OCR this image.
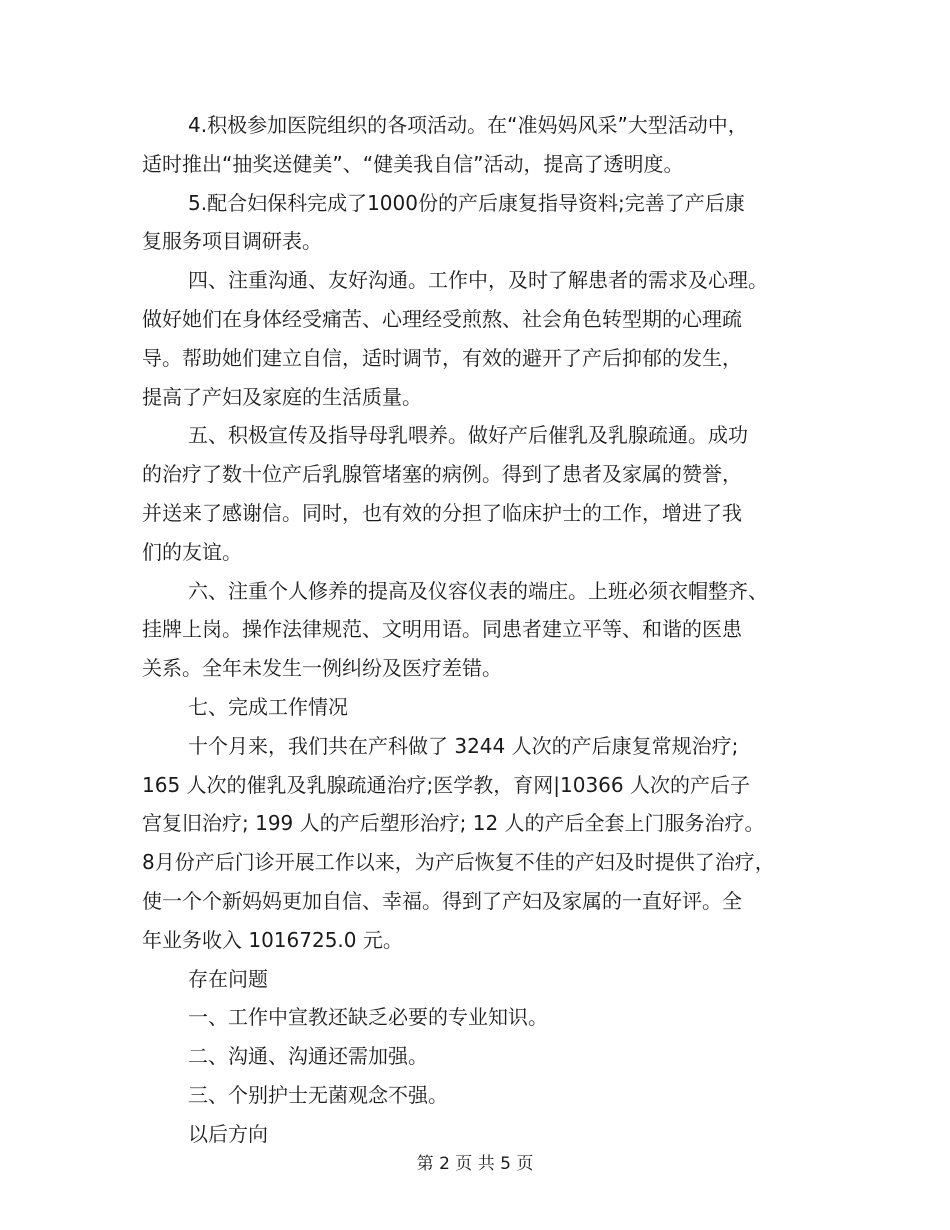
4.积极参加医院组织的各项活动。在“准妈妈风采”大型活动中，
适时推出“抽奖送健美”、“健美我自信”活动，提高了透明度。
5.配合妇保科完成了1000份的产后康复指导资料;完善了产后康
复服务项目调研表。
四、注重沟通、友好沟通。工作中，及时了解患者的需求及心理。
做好她们在身体经受痛苦、心理经受煎熬、社会角色转型期的心理疏
导。帮助她们建立自信，适时调节，有效的避开了产后抑郁的发生，
提高了产妇及家庭的生活质量。
五、积极宣传及指导母乳喂养。做好产后催乳及乳腺疏通。成功
的治疗了数十位产后乳腺管堵塞的病例。得到了患者及家属的赞誉，
并送来了感谢信。同时，也有效的分担了临床护士的工作，增进了我
们的友谊。
六、注重个人修养的提高及仪容仪表的端庄。上班必须衣帽整齐、
挂牌上岗。操作法律规范、文明用语。同患者建立平等、和谐的医患
关系。全年未发生一例纠纷及医疗差错。
七、完成工作情况
十个月来，我们共在产科做了 3244 人次的产后康复常规治疗;
165 人次的催乳及乳腺疏通治疗;医学教，育网|10366 人次的产后子
宫复旧治疗; 199 人的产后塑形治疗; 12 人的产后全套上门服务治疗。
8月份产后门诊开展工作以来，为产后恢复不佳的产妇及时提供了治疗，
使一个个新妈妈更加自信、幸福。得到了产妇及家属的一直好评。全
年业务收入 1016725.0 元。
存在问题
一、工作中宣教还缺乏必要的专业知识。
二、沟通、沟通还需加强。
三、个别护士无菌观念不强。
以后方向
第 2 页 共 5 页
